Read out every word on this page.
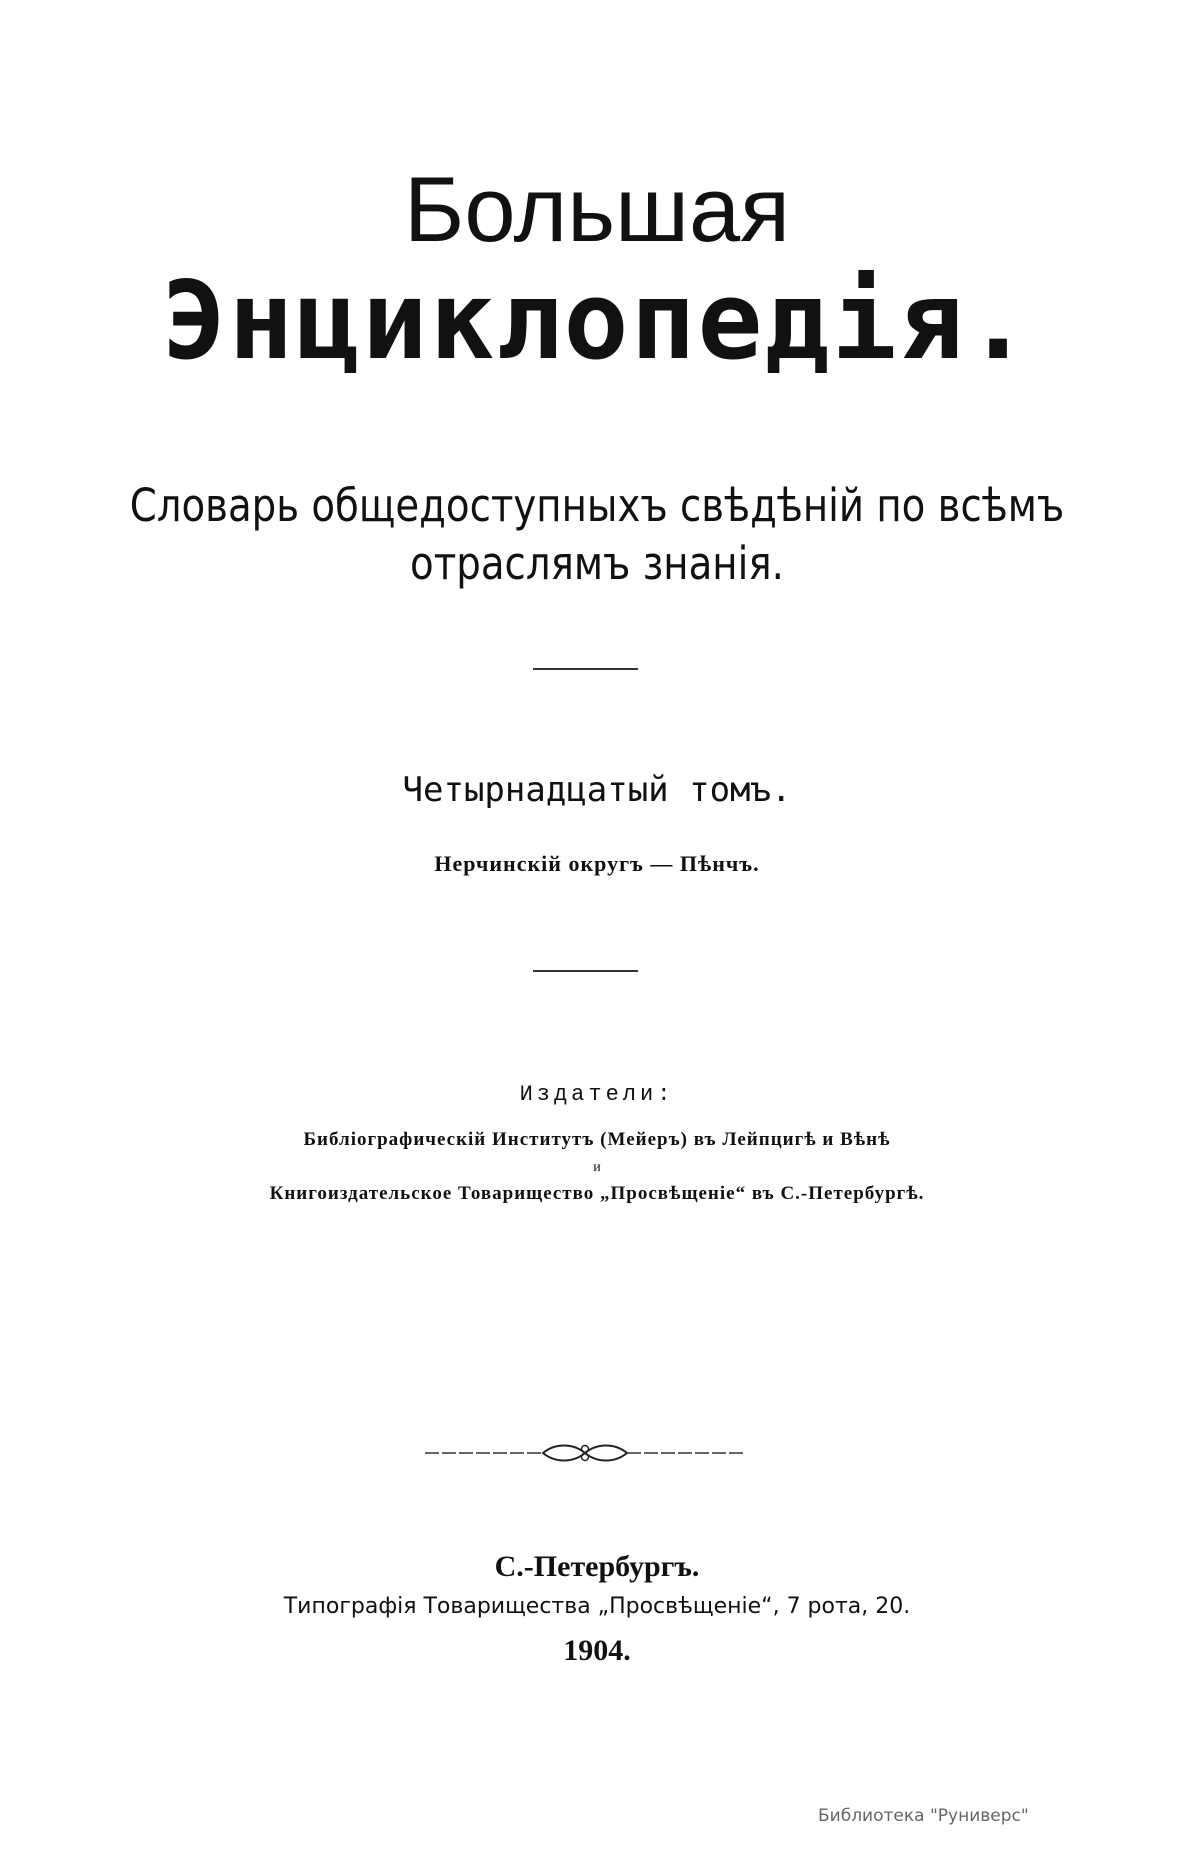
Большая
Энциклопедія.
Словарь общедоступныхъ свѣдѣній по всѣмъ
отраслямъ знанія.
Четырнадцатый томъ.
Нерчинскій округъ — Пѣнчъ.
Издатели:
Библіографическій Институтъ (Мейеръ) въ Лейпцигѣ и Вѣнѣ
и
Книгоиздательское Товарищество „Просвѣщеніе“ въ С.-Петербургѣ.
С.-Петербургъ.
Типографія Товарищества „Просвѣщеніе“, 7 рота, 20.
1904.
Библиотека "Руниверс"
